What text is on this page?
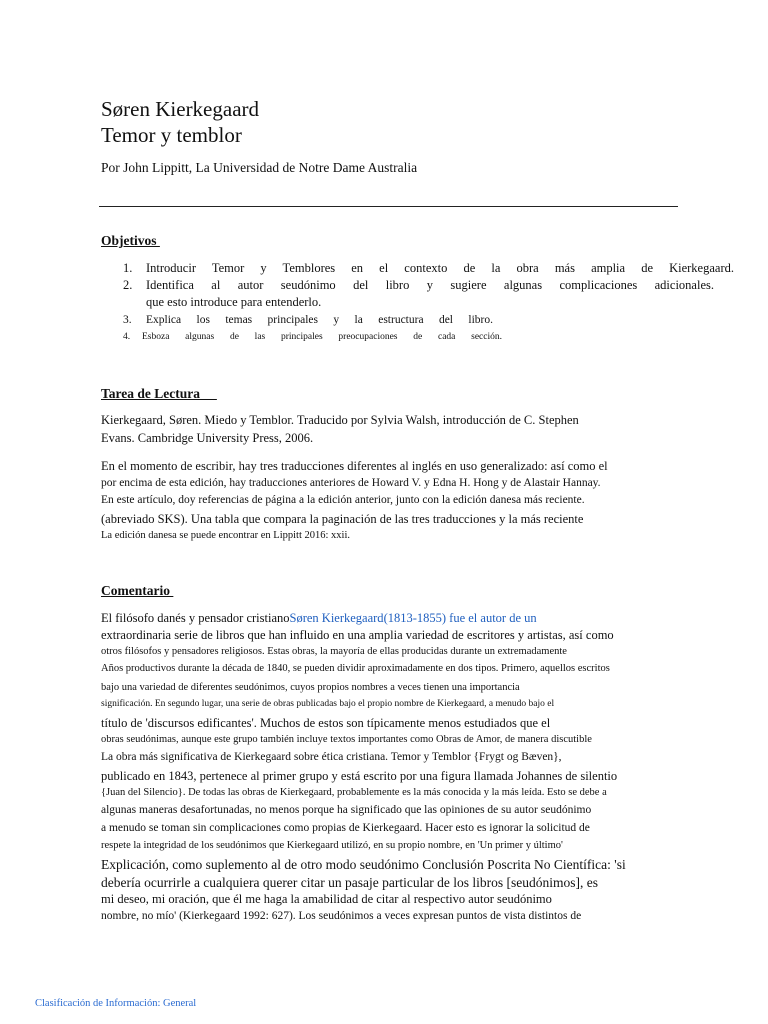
Søren Kierkegaard
Temor y temblor
Por John Lippitt, La Universidad de Notre Dame Australia
Objetivos
1. Introducir Temor y Temblores en el contexto de la obra más amplia de Kierkegaard.
2. Identifica al autor seudónimo del libro y sugiere algunas complicaciones adicionales.
que esto introduce para entenderlo.
3. Explica los temas principales y la estructura del libro.
4. Esboza algunas de las principales preocupaciones de cada sección.
Tarea de Lectura
Kierkegaard, Søren. Miedo y Temblor. Traducido por Sylvia Walsh, introducción de C. Stephen
Evans. Cambridge University Press, 2006.
En el momento de escribir, hay tres traducciones diferentes al inglés en uso generalizado: así como el
por encima de esta edición, hay traducciones anteriores de Howard V. y Edna H. Hong y de Alastair Hannay.
En este artículo, doy referencias de página a la edición anterior, junto con la edición danesa más reciente.
(abreviado SKS). Una tabla que compara la paginación de las tres traducciones y la más reciente
La edición danesa se puede encontrar en Lippitt 2016: xxii.
Comentario
El filósofo danés y pensador cristianoSøren Kierkegaard(1813-1855) fue el autor de un
extraordinaria serie de libros que han influido en una amplia variedad de escritores y artistas, así como
otros filósofos y pensadores religiosos. Estas obras, la mayoría de ellas producidas durante un extremadamente
Años productivos durante la década de 1840, se pueden dividir aproximadamente en dos tipos. Primero, aquellos escritos
bajo una variedad de diferentes seudónimos, cuyos propios nombres a veces tienen una importancia
significación. En segundo lugar, una serie de obras publicadas bajo el propio nombre de Kierkegaard, a menudo bajo el
título de 'discursos edificantes'. Muchos de estos son típicamente menos estudiados que el
obras seudónimas, aunque este grupo también incluye textos importantes como Obras de Amor, de manera discutible
La obra más significativa de Kierkegaard sobre ética cristiana. Temor y Temblor {Frygt og Bæven},
publicado en 1843, pertenece al primer grupo y está escrito por una figura llamada Johannes de silentio
{Juan del Silencio}. De todas las obras de Kierkegaard, probablemente es la más conocida y la más leída. Esto se debe a
algunas maneras desafortunadas, no menos porque ha significado que las opiniones de su autor seudónimo
a menudo se toman sin complicaciones como propias de Kierkegaard. Hacer esto es ignorar la solicitud de
respete la integridad de los seudónimos que Kierkegaard utilizó, en su propio nombre, en 'Un primer y último'
Explicación, como suplemento al de otro modo seudónimo Conclusión Poscrita No Científica: 'si
debería ocurrirle a cualquiera querer citar un pasaje particular de los libros [seudónimos], es
mi deseo, mi oración, que él me haga la amabilidad de citar al respectivo autor seudónimo
nombre, no mío' (Kierkegaard 1992: 627). Los seudónimos a veces expresan puntos de vista distintos de
Clasificación de Información: General
